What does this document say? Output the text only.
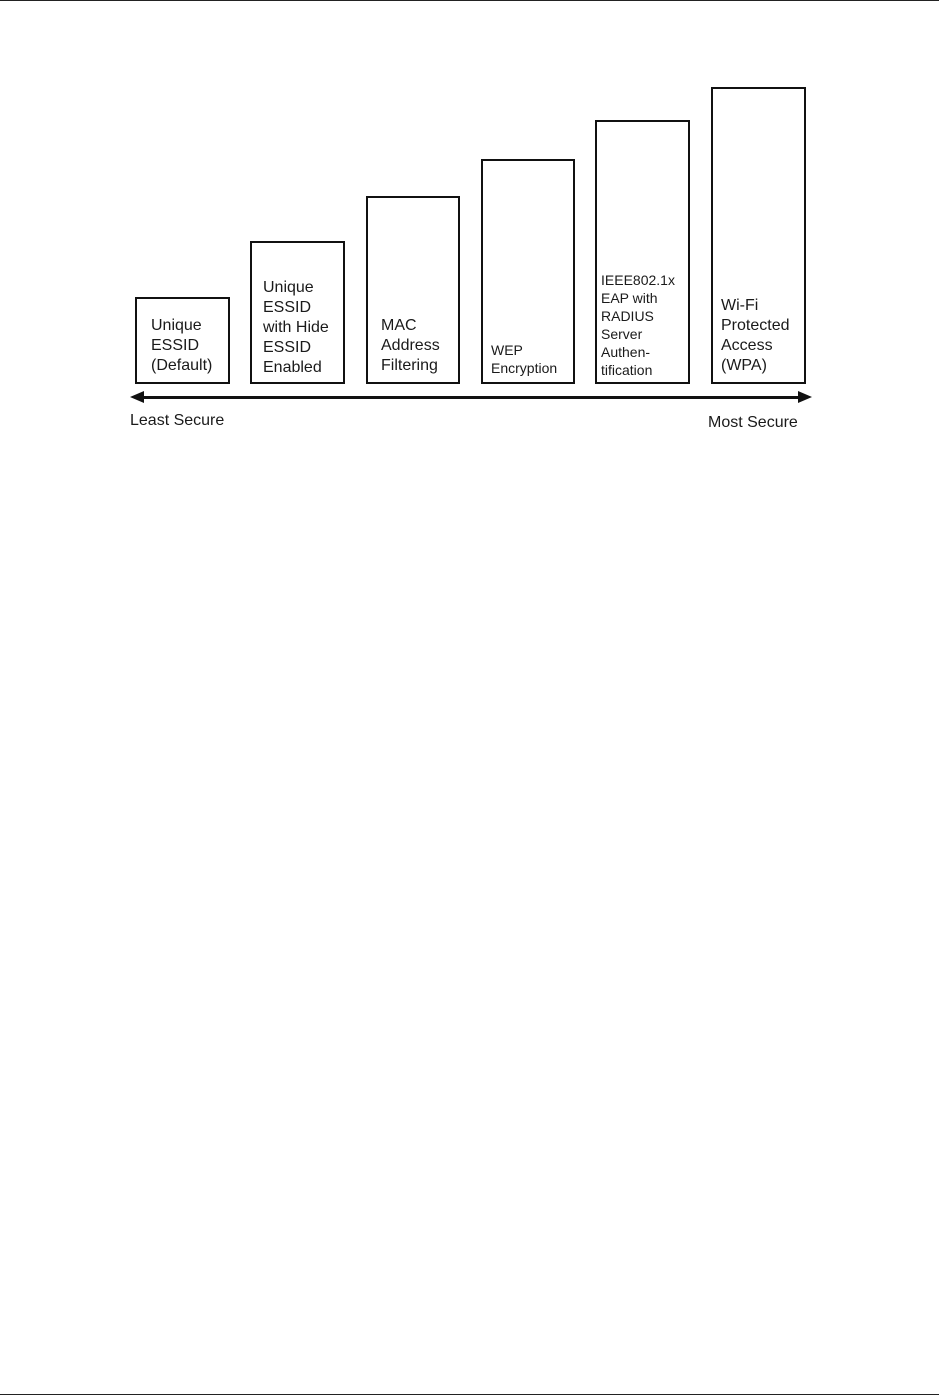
Unique
ESSID
(Default)
Unique
ESSID
with Hide
ESSID
Enabled
MAC
Address
Filtering
WEP
Encryption
IEEE802.1x
EAP with
RADIUS
Server
Authen-
tification
Wi-Fi
Protected
Access
(WPA)
Least Secure	Most Secure
